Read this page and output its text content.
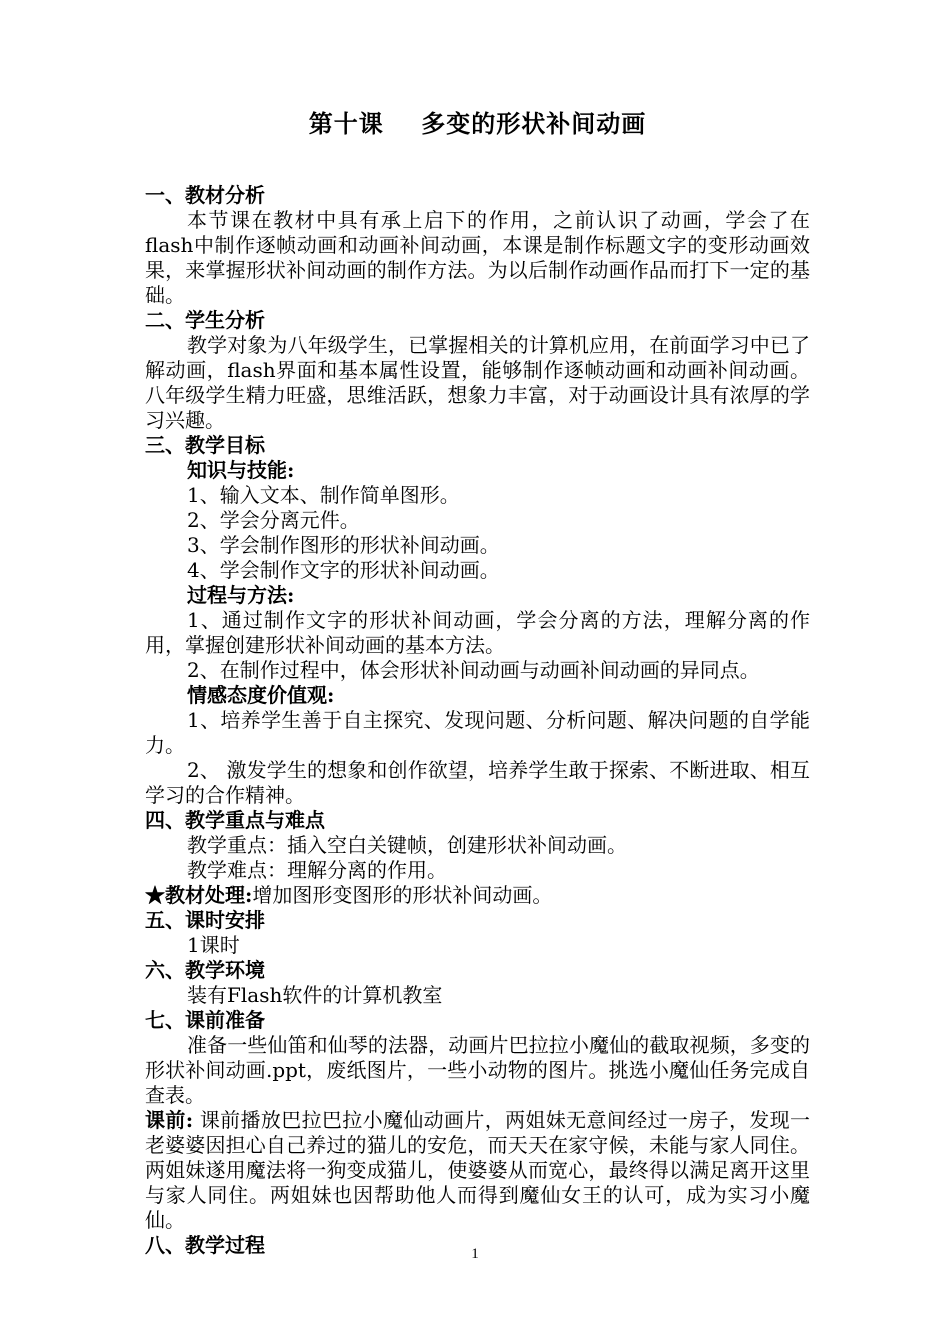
第十课    多变的形状补间动画
一、教材分析
本节课在教材中具有承上启下的作用，之前认识了动画，学会了在flash中制作逐帧动画和动画补间动画，本课是制作标题文字的变形动画效果，来掌握形状补间动画的制作方法。为以后制作动画作品而打下一定的基础。
二、学生分析
教学对象为八年级学生，已掌握相关的计算机应用，在前面学习中已了解动画，flash界面和基本属性设置，能够制作逐帧动画和动画补间动画。八年级学生精力旺盛，思维活跃，想象力丰富，对于动画设计具有浓厚的学习兴趣。
三、教学目标
知识与技能:
1、输入文本、制作简单图形。
2、学会分离元件。
3、学会制作图形的形状补间动画。
4、学会制作文字的形状补间动画。
过程与方法:
1、通过制作文字的形状补间动画，学会分离的方法，理解分离的作用，掌握创建形状补间动画的基本方法。
2、在制作过程中，体会形状补间动画与动画补间动画的异同点。
情感态度价值观:
1、培养学生善于自主探究、发现问题、分析问题、解决问题的自学能力。
2、 激发学生的想象和创作欲望，培养学生敢于探索、不断进取、相互学习的合作精神。
四、教学重点与难点
教学重点：插入空白关键帧，创建形状补间动画。
教学难点：理解分离的作用。
★教材处理:增加图形变图形的形状补间动画。
五、课时安排
1课时
六、教学环境
装有Flash软件的计算机教室
七、课前准备
准备一些仙笛和仙琴的法器，动画片巴拉拉小魔仙的截取视频，多变的形状补间动画.ppt，废纸图片，一些小动物的图片。挑选小魔仙任务完成自查表。
课前: 课前播放巴拉巴拉小魔仙动画片，两姐妹无意间经过一房子，发现一老婆婆因担心自己养过的猫儿的安危，而天天在家守候，未能与家人同住。两姐妹遂用魔法将一狗变成猫儿，使婆婆从而宽心，最终得以满足离开这里与家人同住。两姐妹也因帮助他人而得到魔仙女王的认可，成为实习小魔仙。
八、教学过程	1
